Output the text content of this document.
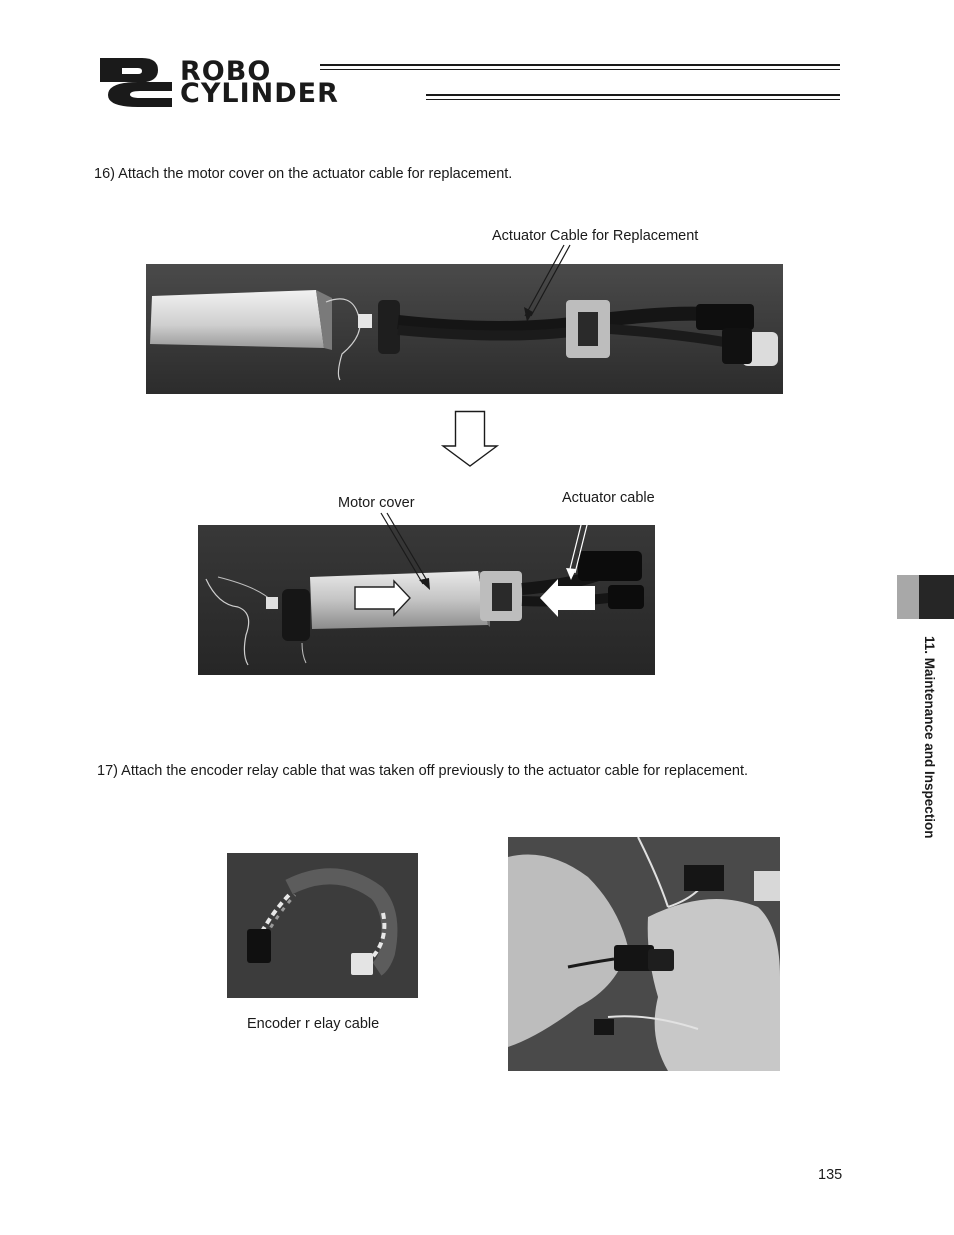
ROBO
CYLINDER
16) Attach the motor cover on the actuator cable for replacement.
Actuator Cable for Replacement
Motor cover	Actuator cable
17) Attach the encoder relay cable that was taken off previously to the actuator cable for replacement.
Encoder r elay cable
11. Maintenance and Inspection
135
